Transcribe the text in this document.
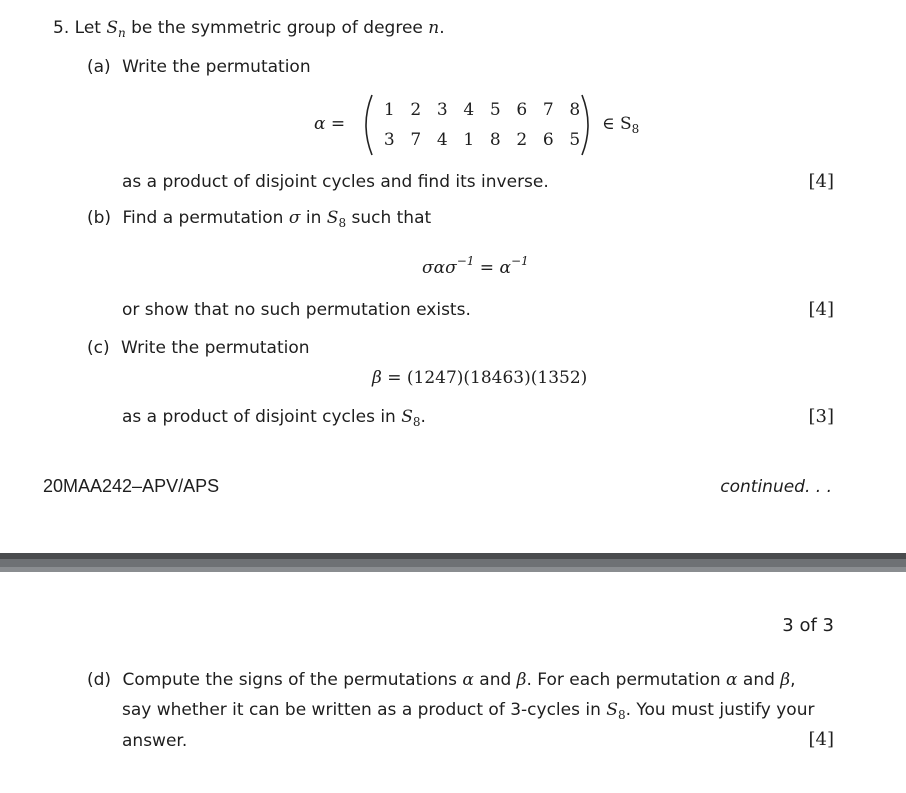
5. Let $S_n$ be the symmetric group of degree n.
(a) Write the permutation
α =
1 2 3 4 5 6 7 8
3 7 4 1 8 2 6 5
∈ $S_8$
as a product of disjoint cycles and find its inverse.	[4]
(b) Find a permutation σ in $S_8$ such that
$\sigma\alpha\sigma^{-1} = \alpha^{-1}$
or show that no such permutation exists.	[4]
(c) Write the permutation
β = (1247)(18463)(1352)
as a product of disjoint cycles in $S_8$.	[3]
20MAA242–APV/APS	continued. . .
3 of 3
(d) Compute the signs of the permutations α and β. For each permutation α and β,
say whether it can be written as a product of 3-cycles in $S_8$. You must justify your
answer.	[4]
